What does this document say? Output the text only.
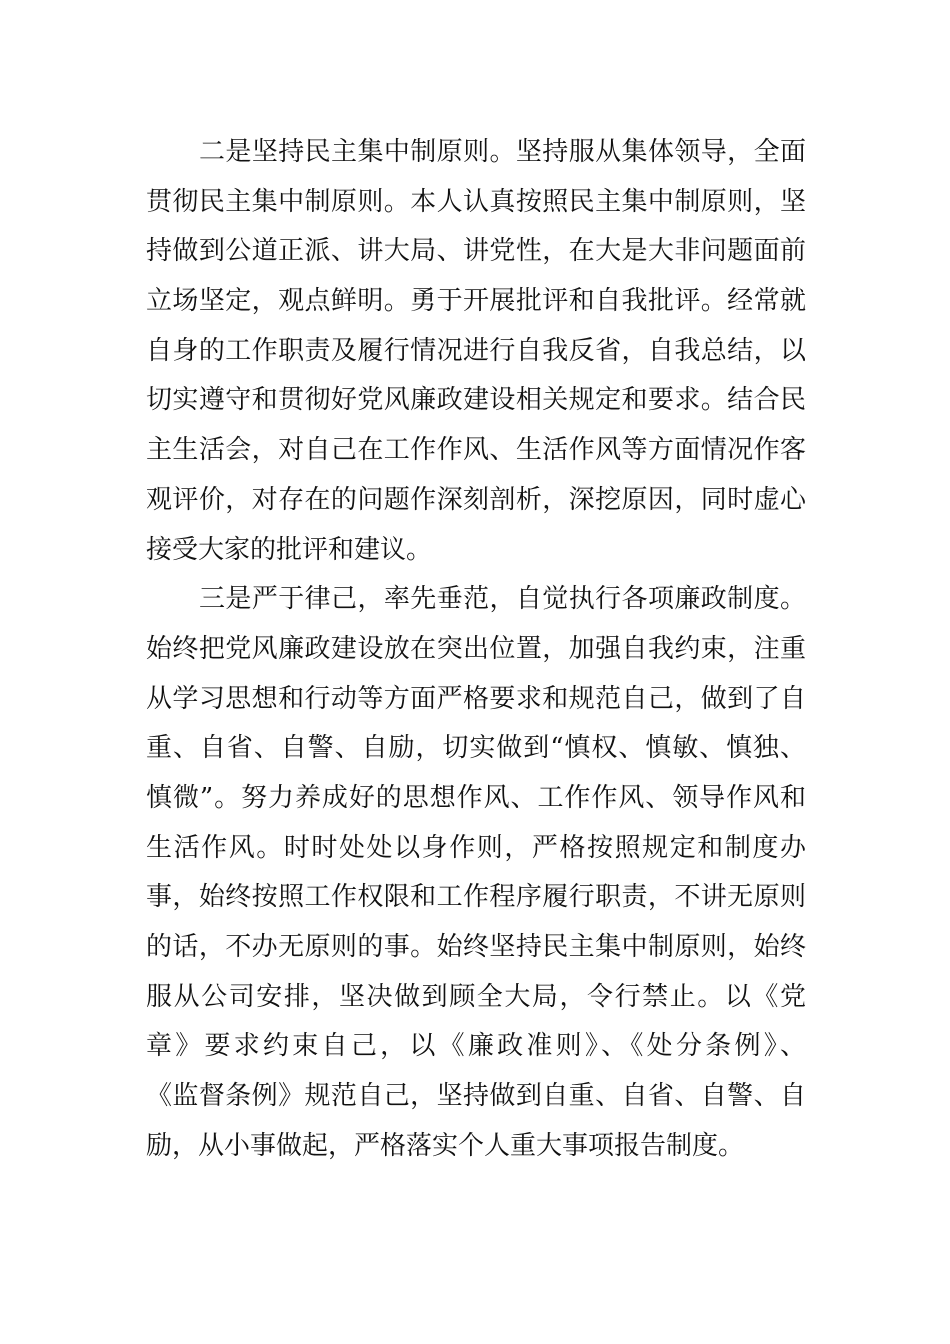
二是坚持民主集中制原则。坚持服从集体领导，全面
贯彻民主集中制原则。本人认真按照民主集中制原则，坚
持做到公道正派、讲大局、讲党性，在大是大非问题面前
立场坚定，观点鲜明。勇于开展批评和自我批评。经常就
自身的工作职责及履行情况进行自我反省，自我总结，以
切实遵守和贯彻好党风廉政建设相关规定和要求。结合民
主生活会，对自己在工作作风、生活作风等方面情况作客
观评价，对存在的问题作深刻剖析，深挖原因，同时虚心
接受大家的批评和建议。
三是严于律己，率先垂范，自觉执行各项廉政制度。
始终把党风廉政建设放在突出位置，加强自我约束，注重
从学习思想和行动等方面严格要求和规范自己，做到了自
重、自省、自警、自励，切实做到“慎权、慎敏、慎独、
慎微”。努力养成好的思想作风、工作作风、领导作风和
生活作风。时时处处以身作则，严格按照规定和制度办
事，始终按照工作权限和工作程序履行职责，不讲无原则
的话，不办无原则的事。始终坚持民主集中制原则，始终
服从公司安排，坚决做到顾全大局，令行禁止。以《党
章》要求约束自己，以《廉政准则》、《处分条例》、
《监督条例》规范自己，坚持做到自重、自省、自警、自
励，从小事做起，严格落实个人重大事项报告制度。
